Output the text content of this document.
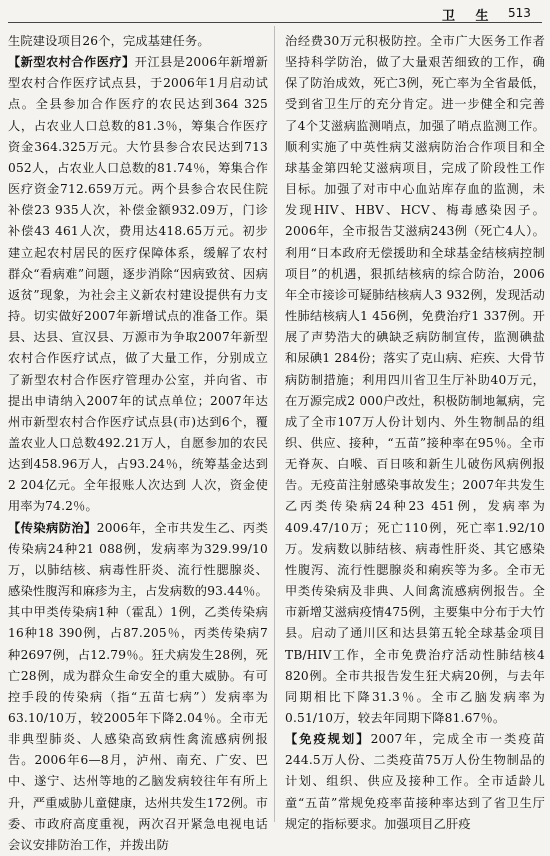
卫 生 513

生院建设项目26个，完成基建任务。

【新型农村合作医疗】开江县是2006年新增新型农村合作医疗试点县，于2006年1月启动试点。全县参加合作医疗的农民达到364 325人，占农业人口总数的81.3％，筹集合作医疗资金364.325万元。大竹县参合农民达到713 052人，占农业人口总数的81.74％，筹集合作医疗资金712.659万元。两个县参合农民住院补偿23 935人次，补偿金额932.09万，门诊补偿43 461人次，费用达418.65万元。初步建立起农村居民的医疗保障体系，缓解了农村群众“看病难”问题，逐步消除“因病致贫、因病返贫”现象，为社会主义新农村建设提供有力支持。切实做好2007年新增试点的准备工作。渠县、达县、宣汉县、万源市为争取2007年新型农村合作医疗试点，做了大量工作，分别成立了新型农村合作医疗管理办公室，并向省、市提出申请纳入2007年的试点单位；2007年达州市新型农村合作医疗试点县(市)达到6个，覆盖农业人口总数492.21万人，自愿参加的农民达到458.96万人，占93.24％，统筹基金达到2 204亿元。全年报账人次达到 人次，资金使用率为74.2％。

【传染病防治】2006年，全市共发生乙、丙类传染病24种21 088例，发病率为329.99/10万，以肺结核、病毒性肝炎、流行性腮腺炎、感染性腹泻和麻疹为主，占发病数的93.44％。其中甲类传染病1种（霍乱）1例，乙类传染病16种18 390例，占87.205％，丙类传染病7种2697例，占12.79％。狂犬病发生28例，死亡28例，成为群众生命安全的重大威胁。有可控手段的传染病（指“五苗七病”）发病率为63.10/10万，较2005年下降2.04％。全市无非典型肺炎、人感染高致病性禽流感病例报告。2006年6—8月，泸州、南充、广安、巴中、遂宁、达州等地的乙脑发病较往年有所上升，严重威胁儿童健康，达州共发生172例。市委、市政府高度重视，两次召开紧急电视电话会议安排防治工作，并拨出防

治经费30万元积极防控。全市广大医务工作者坚持科学防治，做了大量艰苦细致的工作，确保了防治成效，死亡3例，死亡率为全省最低，受到省卫生厅的充分肯定。进一步健全和完善了4个艾滋病监测哨点，加强了哨点监测工作。顺利实施了中英性病艾滋病防治合作项目和全球基金第四轮艾滋病项目，完成了阶段性工作目标。加强了对市中心血站库存血的监测，未发现HIV、HBV、HCV、梅毒感染因子。2006年，全市报告艾滋病243例（死亡4人）。利用“日本政府无偿援助和全球基金结核病控制项目”的机遇，狠抓结核病的综合防治，2006年全市接诊可疑肺结核病人3 932例，发现活动性肺结核病人1 456例，免费治疗1 337例。开展了声势浩大的碘缺乏病防制宣传，监测碘盐和尿碘1 284份；落实了克山病、疟疾、大骨节病防制措施；利用四川省卫生厅补助40万元，在万源完成2 000户改灶，积极防制地氟病，完成了全市107万人份计划内、外生物制品的组织、供应、接种，“五苗”接种率在95％。全市无脊灰、白喉、百日咳和新生儿破伤风病例报告。无疫苗注射感染事故发生；2007年共发生乙丙类传染病24种23 451例，发病率为409.47/10万；死亡110例，死亡率1.92/10万。发病数以肺结核、病毒性肝炎、其它感染性腹泻、流行性腮腺炎和痢疾等为多。全市无甲类传染病及非典、人间禽流感病例报告。全市新增艾滋病疫情475例，主要集中分布于大竹县。启动了通川区和达县第五轮全球基金项目TB/HIV工作，全市免费治疗活动性肺结核4 820例。全市共报告发生狂犬病20例，与去年同期相比下降31.3％。全市乙脑发病率为0.51/10万，较去年同期下降81.67％。

【免疫规划】2007年，完成全市一类疫苗244.5万人份、二类疫苗75万人份生物制品的计划、组织、供应及接种工作。全市适龄儿童“五苗”常规免疫率苗接种率达到了省卫生厅规定的指标要求。加强项目乙肝疫
